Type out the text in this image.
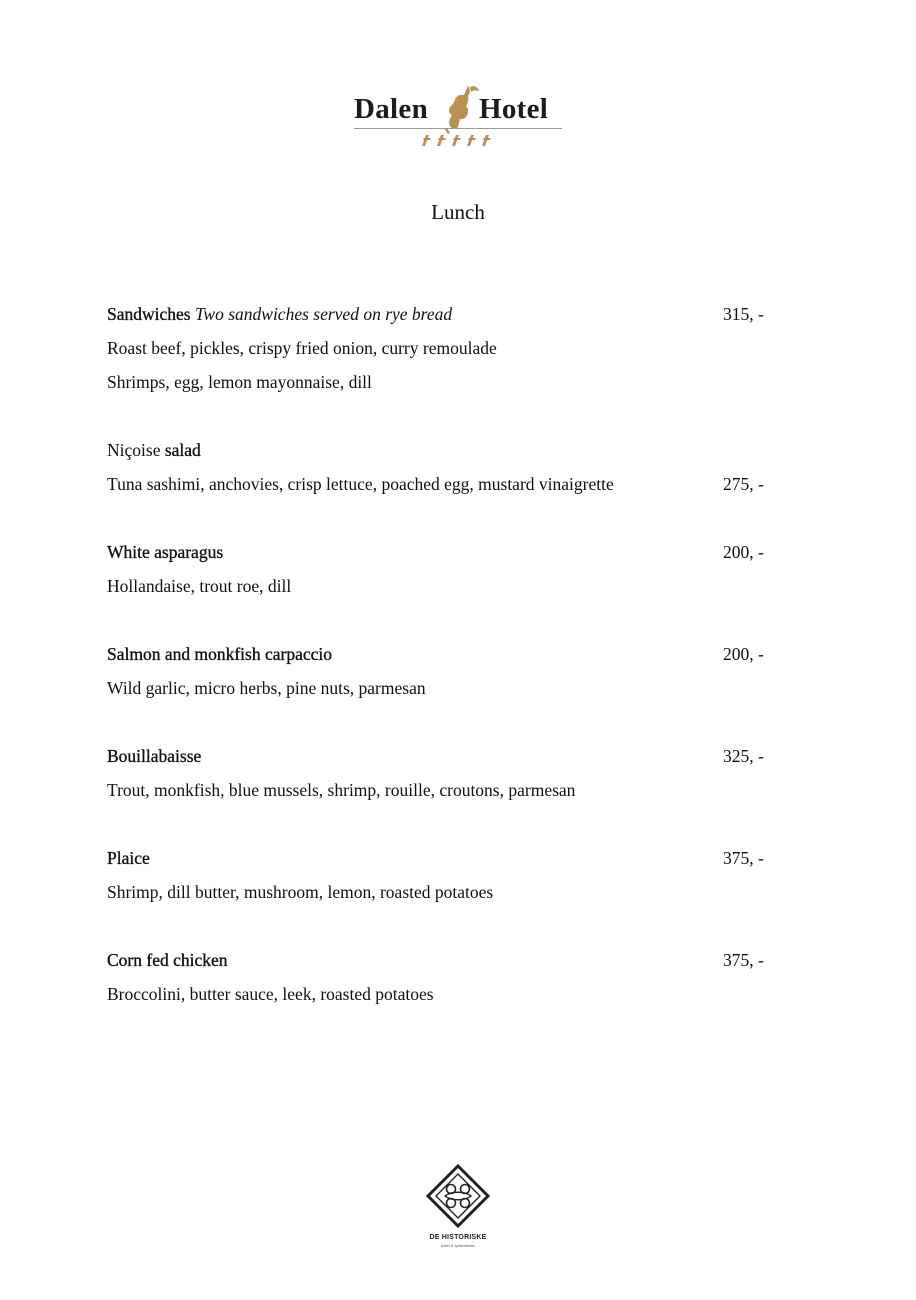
Dalen Hotel
Lunch
Sandwiches Two sandwiches served on rye bread	315, -
Roast beef, pickles, crispy fried onion, curry remoulade
Shrimps, egg, lemon mayonnaise, dill
Niçoise salad
Tuna sashimi, anchovies, crisp lettuce, poached egg, mustard vinaigrette	275, -
White asparagus	200, -
Hollandaise, trout roe, dill
Salmon and monkfish carpaccio	200, -
Wild garlic, micro herbs, pine nuts, parmesan
Bouillabaisse	325, -
Trout, monkfish, blue mussels, shrimp, rouille, croutons, parmesan
Plaice	375, -
Shrimp, dill butter, mushroom, lemon, roasted potatoes
Corn fed chicken	375, -
Broccolini, butter sauce, leek, roasted potatoes
DE HISTORISKE
hotel & spisesteder
